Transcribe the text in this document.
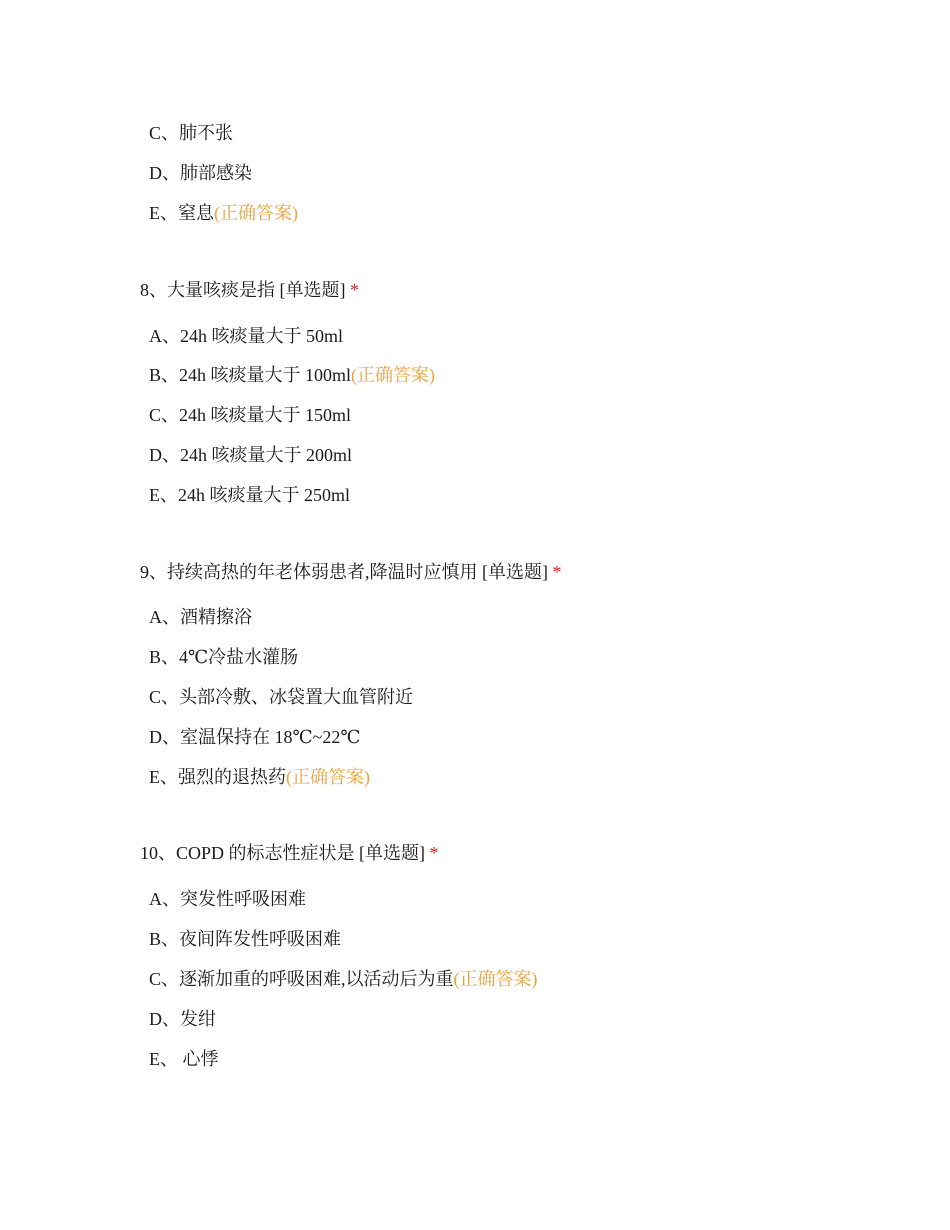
C、肺不张
D、肺部感染
E、窒息(正确答案)
8、大量咳痰是指 [单选题] *
A、24h 咳痰量大于 50ml
B、24h 咳痰量大于 100ml(正确答案)
C、24h 咳痰量大于 150ml
D、24h 咳痰量大于 200ml
E、24h 咳痰量大于 250ml
9、持续高热的年老体弱患者,降温时应慎用 [单选题] *
A、酒精擦浴
B、4℃冷盐水灌肠
C、头部冷敷、冰袋置大血管附近
D、室温保持在 18℃~22℃
E、强烈的退热药(正确答案)
10、COPD 的标志性症状是 [单选题] *
A、突发性呼吸困难
B、夜间阵发性呼吸困难
C、逐渐加重的呼吸困难,以活动后为重(正确答案)
D、发绀
E、 心悸
